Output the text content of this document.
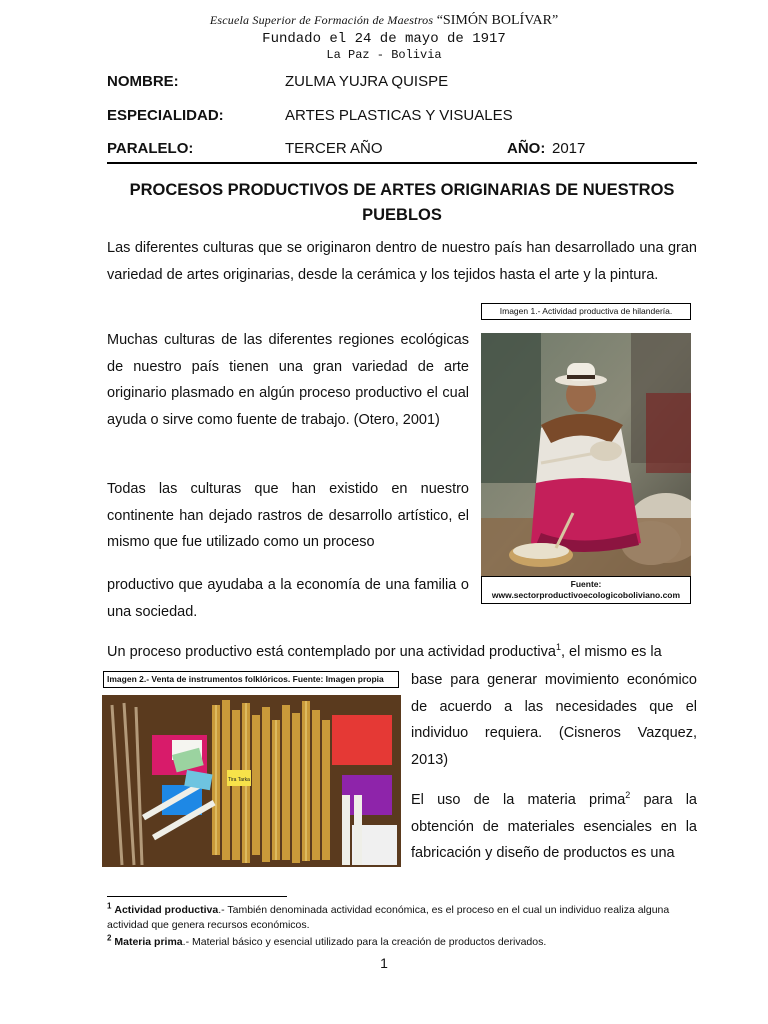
Escuela Superior de Formación de Maestros “SIMÓN BOLÍVAR”
Fundado el 24 de mayo de 1917
La Paz - Bolivia
NOMBRE:	ZULMA YUJRA QUISPE
ESPECIALIDAD:	ARTES PLASTICAS Y VISUALES
PARALELO:	TERCER AÑO	AÑO: 2017
PROCESOS PRODUCTIVOS DE ARTES ORIGINARIAS DE NUESTROS PUEBLOS
Las diferentes culturas que se originaron dentro de nuestro país han desarrollado una gran variedad de artes originarias, desde la cerámica y los tejidos hasta el arte y la pintura.
Imagen 1.- Actividad productiva de hilandería.
Fuente:
www.sectorproductivoecologicoboliviano.com
Muchas culturas de las diferentes regiones ecológicas de nuestro país tienen una gran variedad de arte originario plasmado en algún proceso productivo el cual ayuda o sirve como fuente de trabajo. (Otero, 2001)
Todas las culturas que han existido en nuestro continente han dejado rastros de desarrollo artístico, el mismo que fue utilizado como un proceso
productivo que ayudaba a la economía de una familia o una sociedad.
Un proceso productivo está contemplado por una actividad productiva$^1$, el mismo es la
Imagen 2.- Venta de instrumentos folklóricos. Fuente: Imagen propia
Tira Tarka
base para generar movimiento económico de acuerdo a las necesidades que el individuo requiera. (Cisneros Vazquez, 2013)
El uso de la materia prima$^2$ para la obtención de materiales esenciales en la fabricación y diseño de productos es una
$^1$ Actividad productiva.- También denominada actividad económica, es el proceso en el cual un individuo realiza alguna actividad que genera recursos económicos.
$^2$ Materia prima.- Material básico y esencial utilizado para la creación de productos derivados.
1
